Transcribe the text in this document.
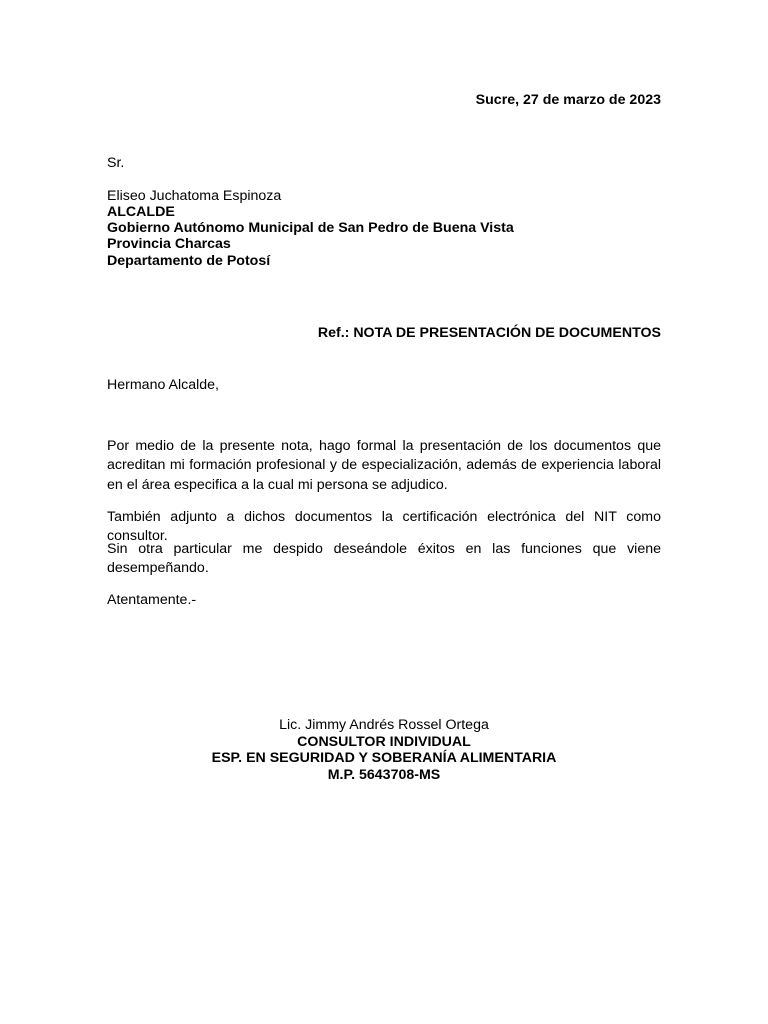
Sucre, 27 de marzo de 2023
Sr.
Eliseo Juchatoma Espinoza
ALCALDE
Gobierno Autónomo Municipal de San Pedro de Buena Vista
Provincia Charcas
Departamento de Potosí
Ref.: NOTA DE PRESENTACIÓN DE DOCUMENTOS
Hermano Alcalde,
Por medio de la presente nota, hago formal la presentación de los documentos que acreditan mi formación profesional y de especialización, además de experiencia laboral en el área especifica a la cual mi persona se adjudico.
También adjunto a dichos documentos la certificación electrónica del NIT como consultor.
Sin otra particular me despido deseándole éxitos en las funciones que viene desempeñando.
Atentamente.-
Lic. Jimmy Andrés Rossel Ortega
CONSULTOR INDIVIDUAL
ESP. EN SEGURIDAD Y SOBERANÍA ALIMENTARIA
M.P. 5643708-MS
